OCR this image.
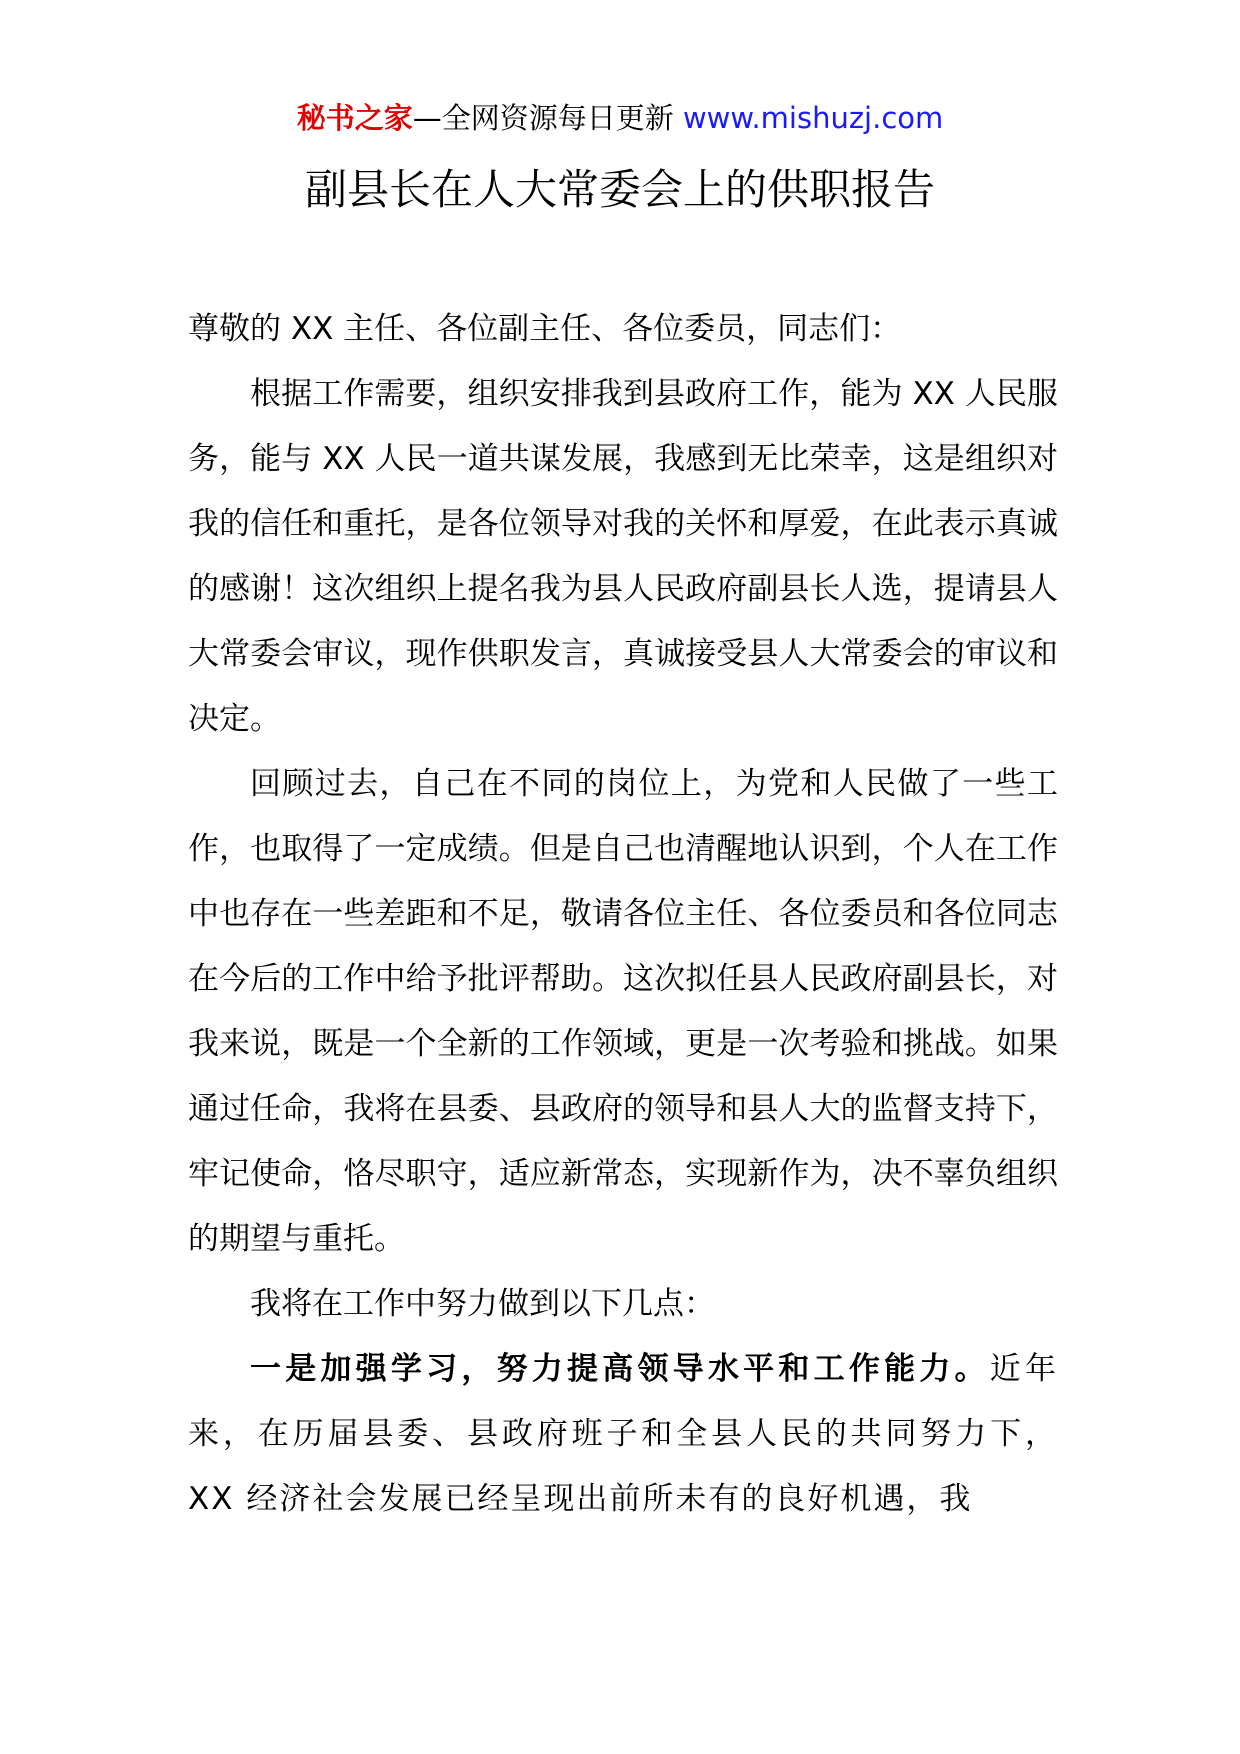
秘书之家—全网资源每日更新 www.mishuzj.com
副县长在人大常委会上的供职报告

尊敬的 XX 主任、各位副主任、各位委员，同志们：

根据工作需要，组织安排我到县政府工作，能为 XX 人民服务，能与 XX 人民一道共谋发展，我感到无比荣幸，这是组织对我的信任和重托，是各位领导对我的关怀和厚爱，在此表示真诚的感谢！这次组织上提名我为县人民政府副县长人选，提请县人大常委会审议，现作供职发言，真诚接受县人大常委会的审议和决定。

回顾过去，自己在不同的岗位上，为党和人民做了一些工作，也取得了一定成绩。但是自己也清醒地认识到，个人在工作中也存在一些差距和不足，敬请各位主任、各位委员和各位同志在今后的工作中给予批评帮助。这次拟任县人民政府副县长，对我来说，既是一个全新的工作领域，更是一次考验和挑战。如果通过任命，我将在县委、县政府的领导和县人大的监督支持下，牢记使命，恪尽职守，适应新常态，实现新作为，决不辜负组织的期望与重托。

我将在工作中努力做到以下几点：

一是加强学习，努力提高领导水平和工作能力。近年来，在历届县委、县政府班子和全县人民的共同努力下，XX 经济社会发展已经呈现出前所未有的良好机遇，我
